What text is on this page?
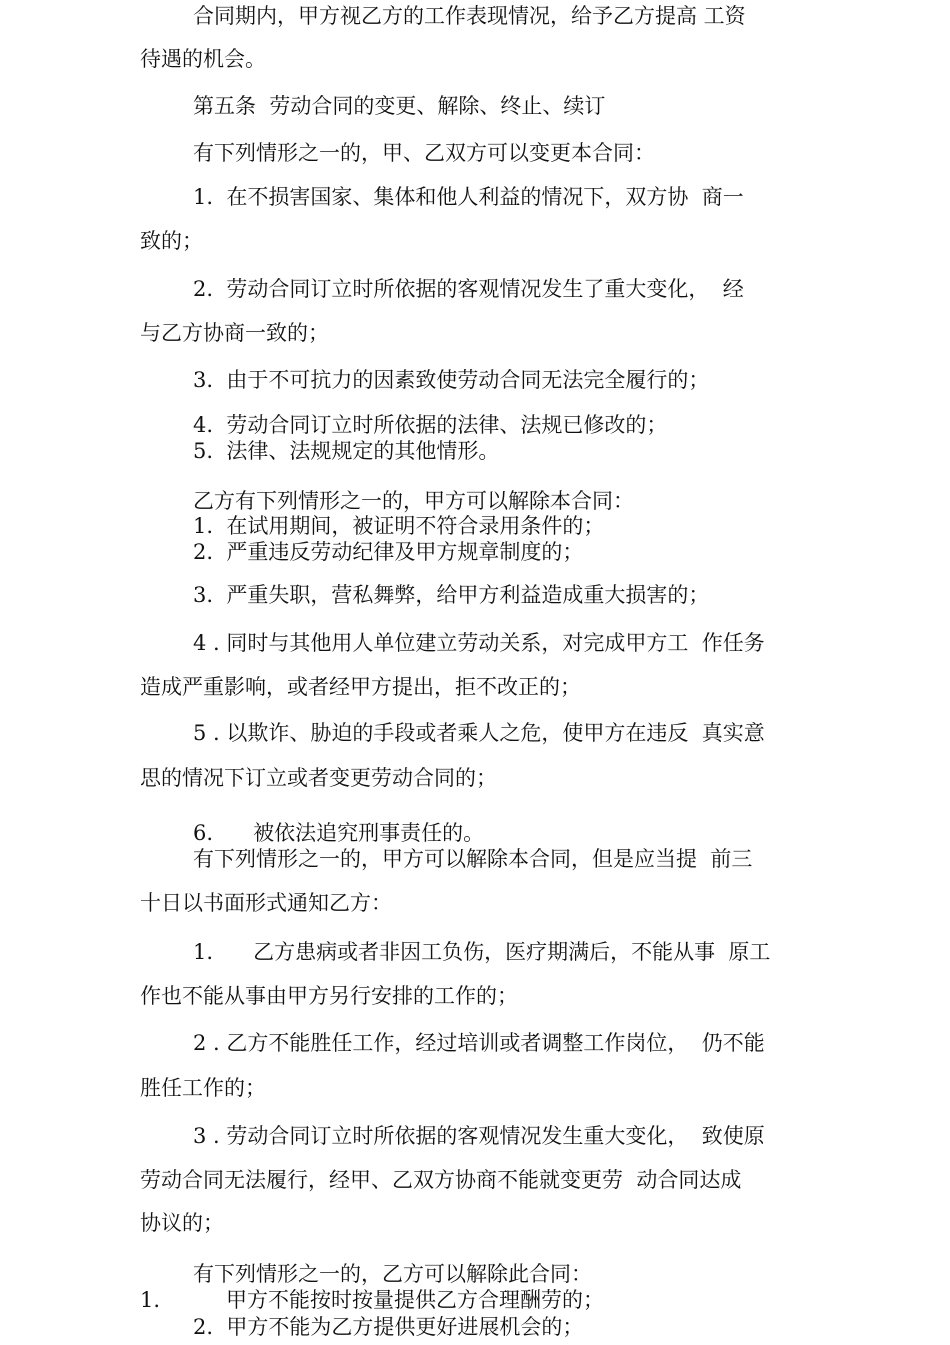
合同期内，甲方视乙方的工作表现情况，给予乙方提高 工资

待遇的机会。

第五条  劳动合同的变更、解除、终止、续订

有下列情形之一的，甲、乙双方可以变更本合同：

1.  在不损害国家、集体和他人利益的情况下，双方协  商一

致的；

2.  劳动合同订立时所依据的客观情况发生了重大变化，  经

与乙方协商一致的；

3.  由于不可抗力的因素致使劳动合同无法完全履行的；

4.  劳动合同订立时所依据的法律、法规已修改的；

5.  法律、法规规定的其他情形。

乙方有下列情形之一的，甲方可以解除本合同：

1.  在试用期间，被证明不符合录用条件的；

2.  严重违反劳动纪律及甲方规章制度的；

3.  严重失职，营私舞弊，给甲方利益造成重大损害的；

4 . 同时与其他用人单位建立劳动关系，对完成甲方工  作任务

造成严重影响，或者经甲方提出，拒不改正的；

5 . 以欺诈、胁迫的手段或者乘人之危，使甲方在违反  真实意

思的情况下订立或者变更劳动合同的；

6.      被依法追究刑事责任的。

有下列情形之一的，甲方可以解除本合同，但是应当提  前三

十日以书面形式通知乙方：

1.      乙方患病或者非因工负伤，医疗期满后，不能从事  原工

作也不能从事由甲方另行安排的工作的；

2 . 乙方不能胜任工作，经过培训或者调整工作岗位，  仍不能

胜任工作的；

3 . 劳动合同订立时所依据的客观情况发生重大变化，  致使原

劳动合同无法履行，经甲、乙双方协商不能就变更劳  动合同达成

协议的；

有下列情形之一的，乙方可以解除此合同：

1.	甲方不能按时按量提供乙方合理酬劳的；

2.  甲方不能为乙方提供更好进展机会的；
